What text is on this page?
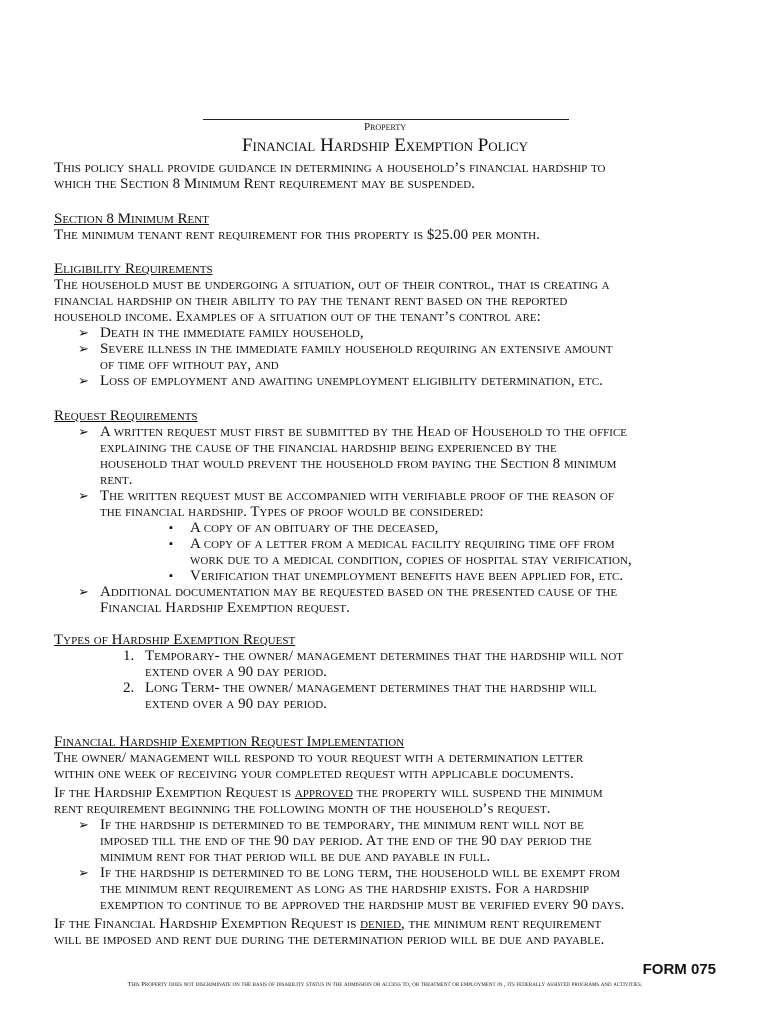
Property
Financial Hardship Exemption Policy
This policy shall provide guidance in determining a household’s financial hardship to
which the Section 8 Minimum Rent requirement may be suspended.
Section 8 Minimum Rent
The minimum tenant rent requirement for this property is $25.00 per month.
Eligibility Requirements
The household must be undergoing a situation, out of their control, that is creating a
financial hardship on their ability to pay the tenant rent based on the reported
household income. Examples of a situation out of the tenant’s control are:
➢ Death in the immediate family household,
➢ Severe illness in the immediate family household requiring an extensive amount
of time off without pay, and
➢ Loss of employment and awaiting unemployment eligibility determination, etc.
Request Requirements
➢ A written request must first be submitted by the Head of Household to the office
explaining the cause of the financial hardship being experienced by the
household that would prevent the household from paying the Section 8 minimum
rent.
➢ The written request must be accompanied with verifiable proof of the reason of
the financial hardship. Types of proof would be considered:
▪ A copy of an obituary of the deceased,
▪ A copy of a letter from a medical facility requiring time off from
work due to a medical condition, copies of hospital stay verification,
▪ Verification that unemployment benefits have been applied for, etc.
➢ Additional documentation may be requested based on the presented cause of the
Financial Hardship Exemption request.
Types of Hardship Exemption Request
1. Temporary- the owner/ management determines that the hardship will not
extend over a 90 day period.
2. Long Term- the owner/ management determines that the hardship will
extend over a 90 day period.
Financial Hardship Exemption Request Implementation
The owner/ management will respond to your request with a determination letter
within one week of receiving your completed request with applicable documents.
If the Hardship Exemption Request is approved the property will suspend the minimum
rent requirement beginning the following month of the household’s request.
➢ If the hardship is determined to be temporary, the minimum rent will not be
imposed till the end of the 90 day period. At the end of the 90 day period the
minimum rent for that period will be due and payable in full.
➢ If the hardship is determined to be long term, the household will be exempt from
the minimum rent requirement as long as the hardship exists. For a hardship
exemption to continue to be approved the hardship must be verified every 90 days.
If the Financial Hardship Exemption Request is denied, the minimum rent requirement
will be imposed and rent due during the determination period will be due and payable.
FORM 075
This Property does not discriminate on the basis of disability status in the admission or access to, or treatment or employment in , its federally assisted programs and activities.
